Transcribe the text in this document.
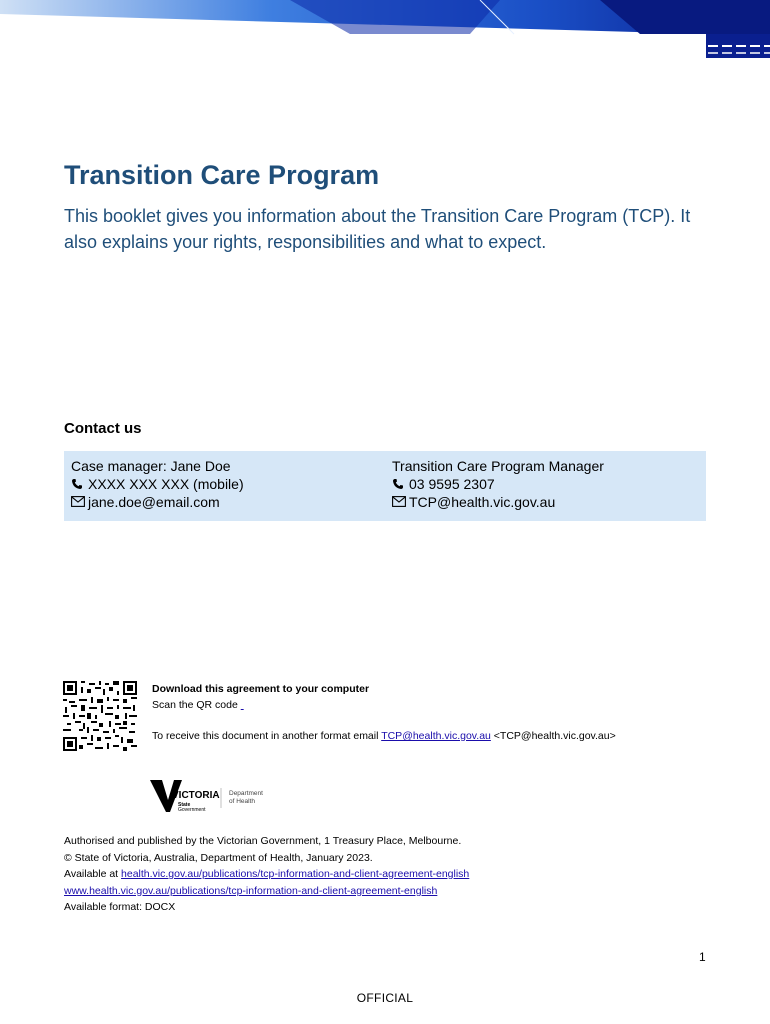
Transition Care Program

This booklet gives you information about the Transition Care Program (TCP). It also explains your rights, responsibilities and what to expect.

Contact us
Case manager: Jane Doe
XXXX XXX XXX (mobile)
jane.doe@email.com
Transition Care Program Manager
03 9595 2307
TCP@health.vic.gov.au
Download this agreement to your computer
Scan the QR code
To receive this document in another format email TCP@health.vic.gov.au <TCP@health.vic.gov.au>
VICTORIA
State
Government
Department
of Health
Authorised and published by the Victorian Government, 1 Treasury Place, Melbourne.
© State of Victoria, Australia, Department of Health, January 2023.
Available at health.vic.gov.au/publications/tcp-information-and-client-agreement-english
www.health.vic.gov.au/publications/tcp-information-and-client-agreement-english
Available format: DOCX
1
OFFICIAL
